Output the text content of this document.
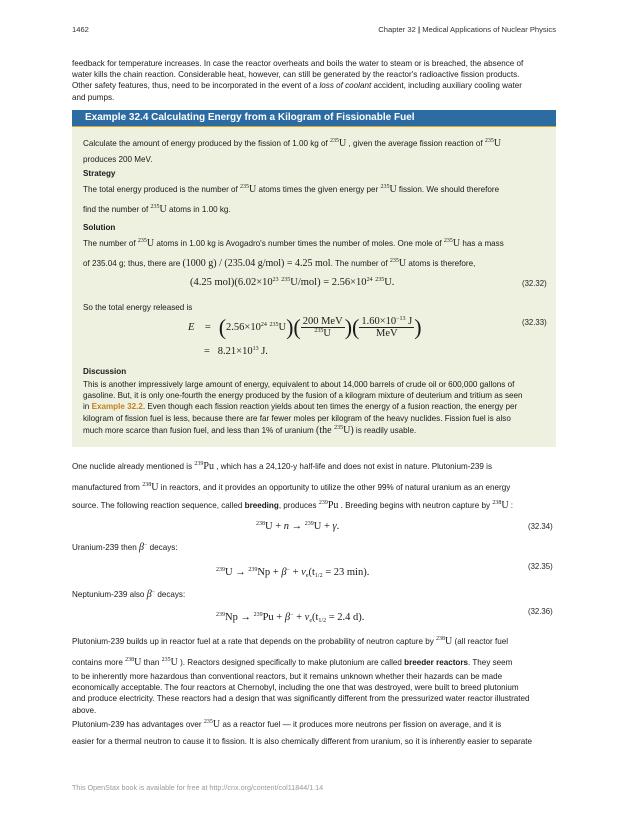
1462	Chapter 32 | Medical Applications of Nuclear Physics
feedback for temperature increases. In case the reactor overheats and boils the water to steam or is breached, the absence of
water kills the chain reaction. Considerable heat, however, can still be generated by the reactor's radioactive fission products.
Other safety features, thus, need to be incorporated in the event of a loss of coolant accident, including auxiliary cooling water
and pumps.
Example 32.4 Calculating Energy from a Kilogram of Fissionable Fuel
Calculate the amount of energy produced by the fission of 1.00 kg of $^{235}$U , given the average fission reaction of $^{235}$U
produces 200 MeV.
Strategy
The total energy produced is the number of $^{235}$U atoms times the given energy per $^{235}$U fission. We should therefore
find the number of $^{235}$U atoms in 1.00 kg.
Solution
The number of $^{235}$U atoms in 1.00 kg is Avogadro's number times the number of moles. One mole of $^{235}$U has a mass
of 235.04 g; thus, there are (1000 g) / (235.04 g/mol) = 4.25 mol. The number of $^{235}$U atoms is therefore,
(4.25 $mol)(6.02\times 10^{23}$ $^{235}U/mol) = 2.56\times 10^{24}$ $^{235}$U.	(32.32)
So the total energy released is
E    =   ($2.56\times 10^{24}$ $^{235}U)( \frac{\text{200 MeV}}{^{235}U}$ )( $\frac{1.60\times 10^{-13} J}{\text{MeV}}$ )
=   $8.21\times 10^{13}$ J.
(32.33)
Discussion
This is another impressively large amount of energy, equivalent to about 14,000 barrels of crude oil or 600,000 gallons of
gasoline. But, it is only one-fourth the energy produced by the fusion of a kilogram mixture of deuterium and tritium as seen
in Example 32.2. Even though each fission reaction yields about ten times the energy of a fusion reaction, the energy per
kilogram of fission fuel is less, because there are far fewer moles per kilogram of the heavy nuclides. Fission fuel is also
much more scarce than fusion fuel, and less than 1% of uranium (the $^{235}$U) is readily usable.
One nuclide already mentioned is $^{239}$Pu , which has a 24,120-y half-life and does not exist in nature. Plutonium-239 is
manufactured from $^{238}$U in reactors, and it provides an opportunity to utilize the other 99% of natural uranium as an energy
source. The following reaction sequence, called breeding, produces $^{239}$Pu . Breeding begins with neutron capture by $^{238}$U :
$^{238}$U + n → $^{239}$U + γ.	(32.34)
Uranium-239 then β− decays:
$^{239}U \to ^{239}Np + \beta^- + v_e(t_{1/2} = 23$ min).
(32.35)
Neptunium-239 also β− decays:
$^{239}Np \to ^{239}Pu + \beta^- + v_e(t_{1/2} = 2.4$ d).
(32.36)
Plutonium-239 builds up in reactor fuel at a rate that depends on the probability of neutron capture by $^{238}$U (all reactor fuel
contains more $^{238}$U than $^{235}$U ). Reactors designed specifically to make plutonium are called breeder reactors. They seem
to be inherently more hazardous than conventional reactors, but it remains unknown whether their hazards can be made
economically acceptable. The four reactors at Chernobyl, including the one that was destroyed, were built to breed plutonium
and produce electricity. These reactors had a design that was significantly different from the pressurized water reactor illustrated
above.
Plutonium-239 has advantages over $^{235}$U as a reactor fuel — it produces more neutrons per fission on average, and it is
easier for a thermal neutron to cause it to fission. It is also chemically different from uranium, so it is inherently easier to separate
This OpenStax book is available for free at http://cnx.org/content/col11844/1.14
